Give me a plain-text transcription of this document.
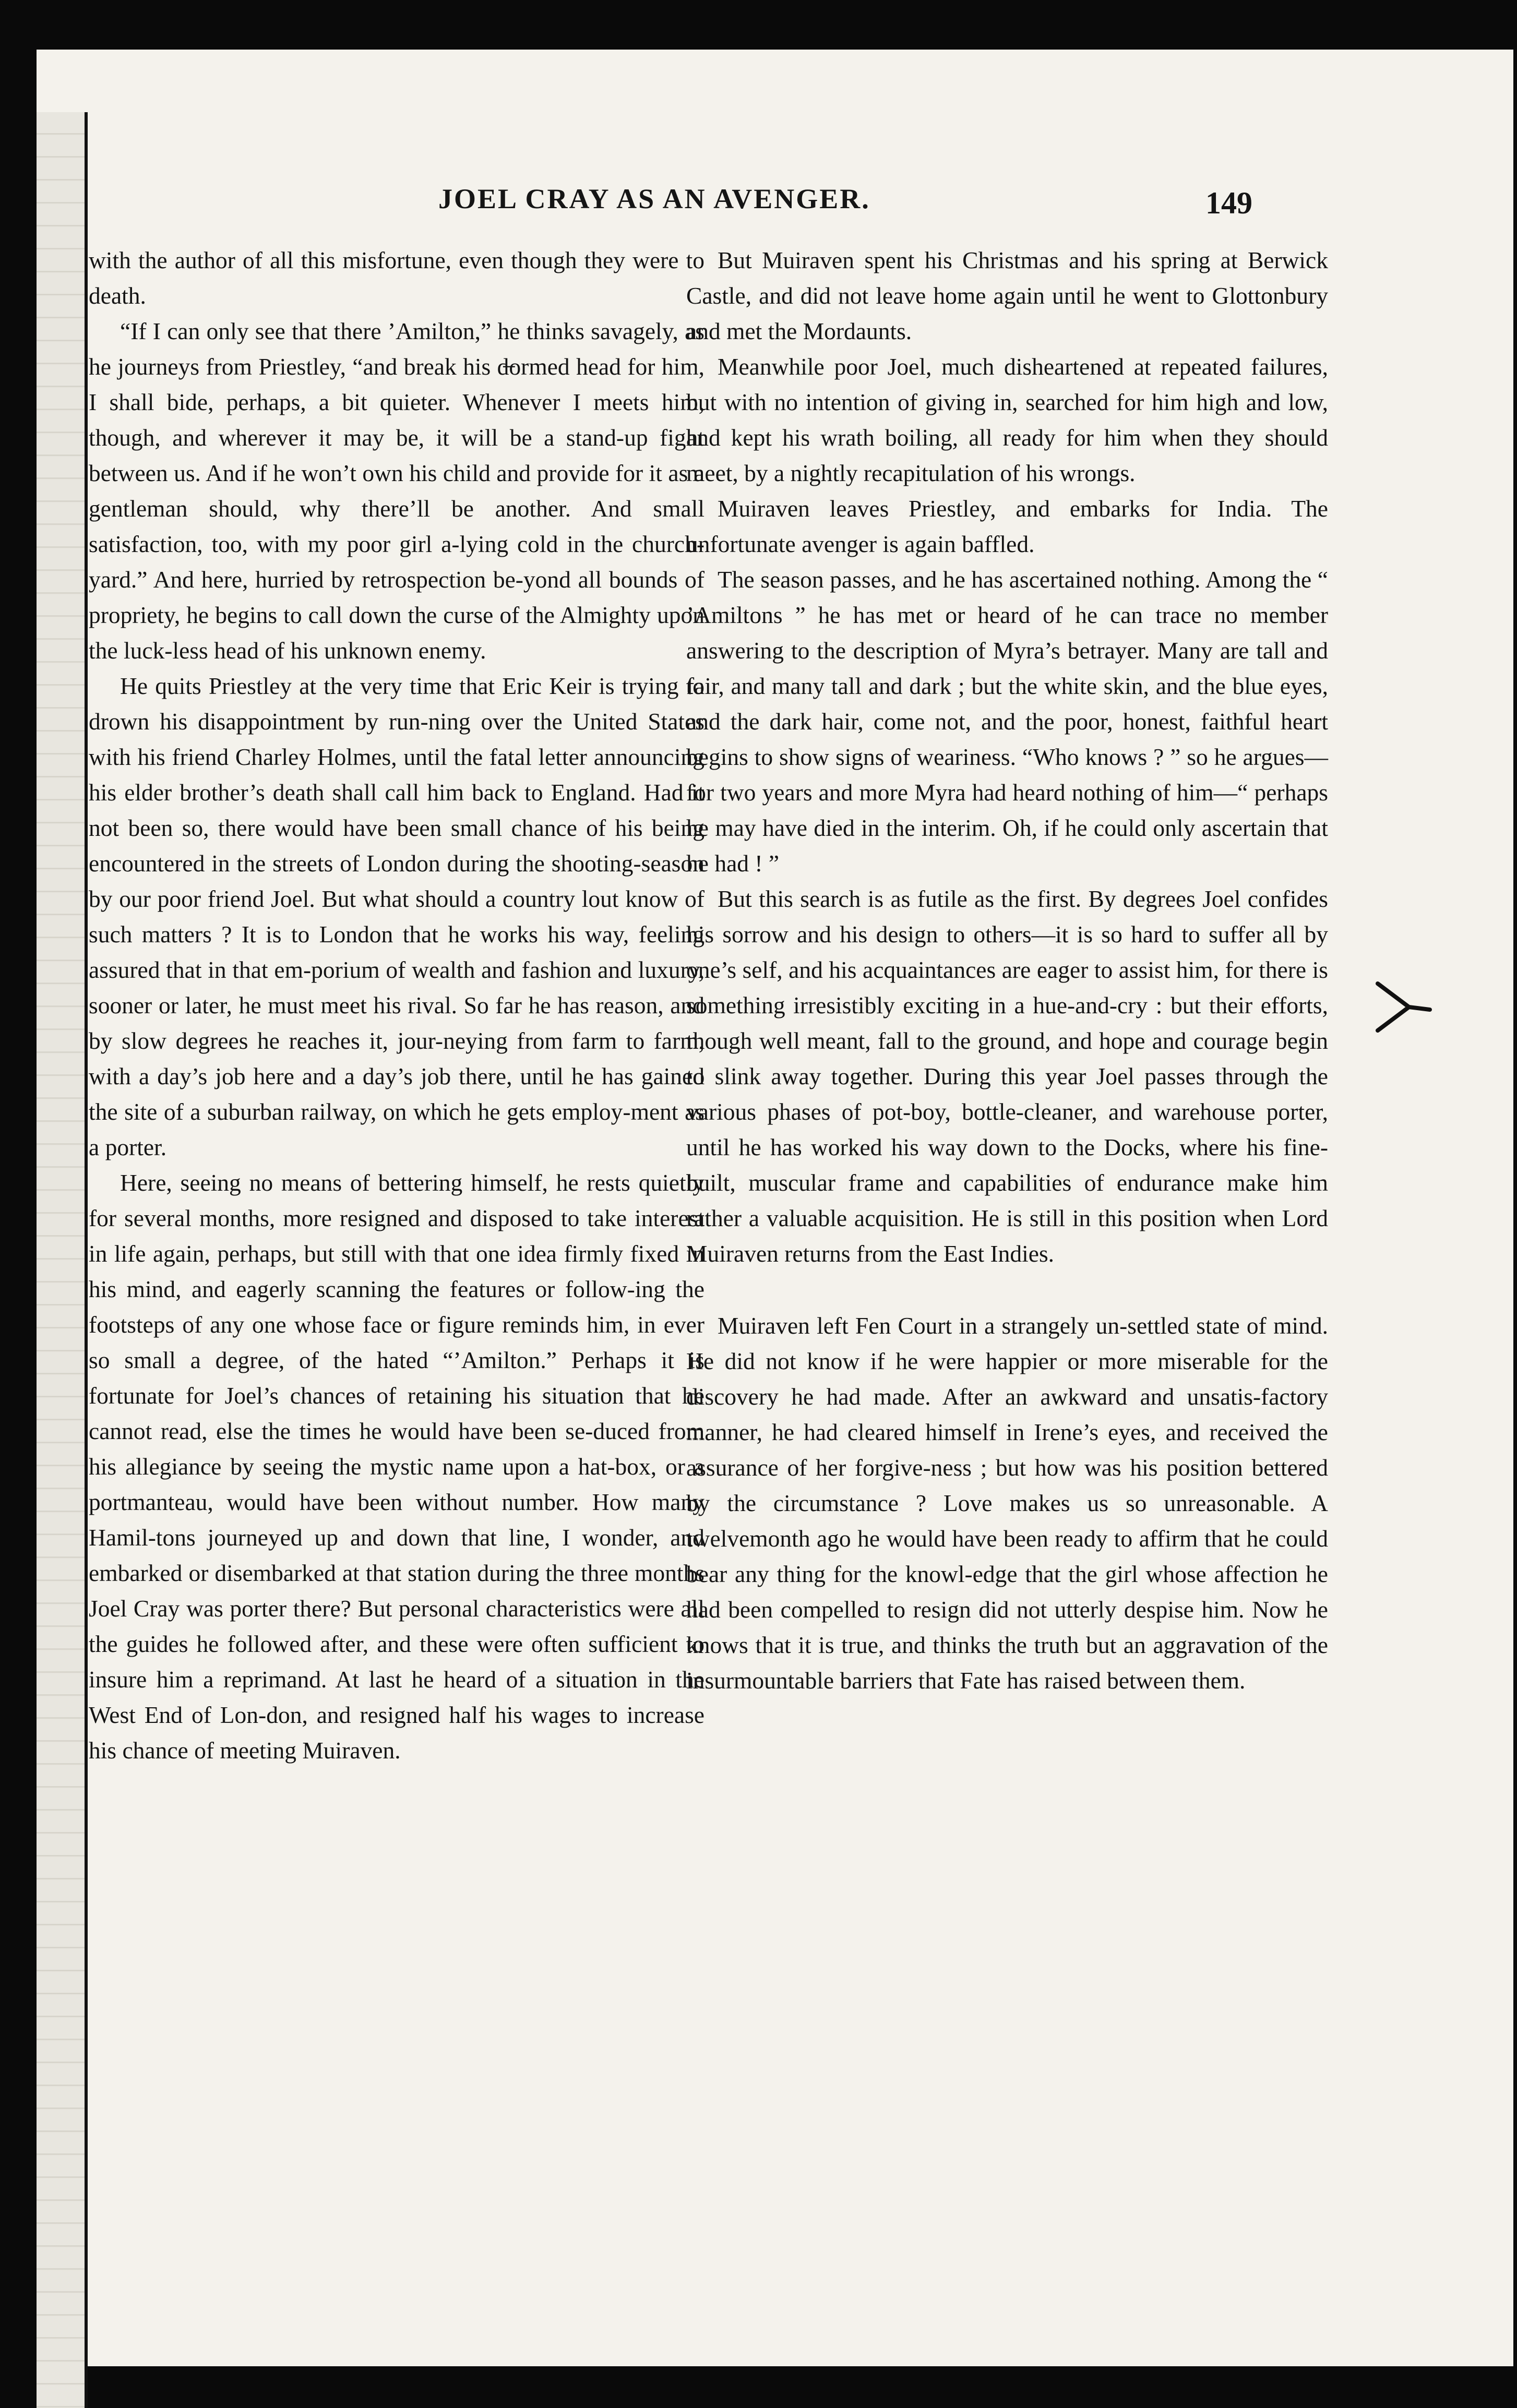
JOEL CRAY AS AN AVENGER.	149

with the author of all this misfortune, even though they were to death.

“If I can only see that there ’Amilton,” he thinks savagely, as he journeys from Priestley, “and break his d̶ormed head for him, I shall bide, perhaps, a bit quieter. Whenever I meets him, though, and wherever it may be, it will be a stand-up fight between us. And if he won’t own his child and provide for it as a gentleman should, why there’ll be another. And small satisfaction, too, with my poor girl a-lying cold in the church-yard.” And here, hurried by retrospection be-yond all bounds of propriety, he begins to call down the curse of the Almighty upon the luck-less head of his unknown enemy.

He quits Priestley at the very time that Eric Keir is trying to drown his disappointment by run-ning over the United States with his friend Charley Holmes, until the fatal letter announcing his elder brother’s death shall call him back to England. Had it not been so, there would have been small chance of his being encountered in the streets of London during the shooting-season by our poor friend Joel. But what should a country lout know of such matters ? It is to London that he works his way, feeling assured that in that em-porium of wealth and fashion and luxury, sooner or later, he must meet his rival. So far he has reason, and by slow degrees he reaches it, jour-neying from farm to farm, with a day’s job here and a day’s job there, until he has gained the site of a suburban railway, on which he gets employ-ment as a porter.

Here, seeing no means of bettering himself, he rests quietly for several months, more resigned and disposed to take interest in life again, perhaps, but still with that one idea firmly fixed in his mind, and eagerly scanning the features or follow-ing the footsteps of any one whose face or figure reminds him, in ever so small a degree, of the hated “’Amilton.” Perhaps it is fortunate for Joel’s chances of retaining his situation that he cannot read, else the times he would have been se-duced from his allegiance by seeing the mystic name upon a hat-box, or a portmanteau, would have been without number. How many Hamil-tons journeyed up and down that line, I wonder, and embarked or disembarked at that station during the three months Joel Cray was porter there? But personal characteristics were all the guides he followed after, and these were often sufficient to insure him a reprimand. At last he heard of a situation in the West End of Lon-don, and resigned half his wages to increase his chance of meeting Muiraven.

But Muiraven spent his Christmas and his spring at Berwick Castle, and did not leave home again until he went to Glottonbury and met the Mordaunts.

Meanwhile poor Joel, much disheartened at repeated failures, but with no intention of giving in, searched for him high and low, and kept his wrath boiling, all ready for him when they should meet, by a nightly recapitulation of his wrongs.

Muiraven leaves Priestley, and embarks for India. The unfortunate avenger is again baffled.

The season passes, and he has ascertained nothing. Among the “ ’Amiltons ” he has met or heard of he can trace no member answering to the description of Myra’s betrayer. Many are tall and fair, and many tall and dark ; but the white skin, and the blue eyes, and the dark hair, come not, and the poor, honest, faithful heart begins to show signs of weariness. “Who knows ? ” so he argues—for two years and more Myra had heard nothing of him—“ perhaps he may have died in the interim. Oh, if he could only ascertain that he had ! ”

But this search is as futile as the first. By degrees Joel confides his sorrow and his design to others—it is so hard to suffer all by one’s self, and his acquaintances are eager to assist him, for there is something irresistibly exciting in a hue-and-cry : but their efforts, though well meant, fall to the ground, and hope and courage begin to slink away together. During this year Joel passes through the various phases of pot-boy, bottle-cleaner, and warehouse porter, until he has worked his way down to the Docks, where his fine-built, muscular frame and capabilities of endurance make him rather a valuable acquisition. He is still in this position when Lord Muiraven returns from the East Indies.

Muiraven left Fen Court in a strangely un-settled state of mind. He did not know if he were happier or more miserable for the discovery he had made. After an awkward and unsatis-factory manner, he had cleared himself in Irene’s eyes, and received the assurance of her forgive-ness ; but how was his position bettered by the circumstance ? Love makes us so unreasonable. A twelvemonth ago he would have been ready to affirm that he could bear any thing for the knowl-edge that the girl whose affection he had been compelled to resign did not utterly despise him. Now he knows that it is true, and thinks the truth but an aggravation of the insurmountable barriers that Fate has raised between them.
